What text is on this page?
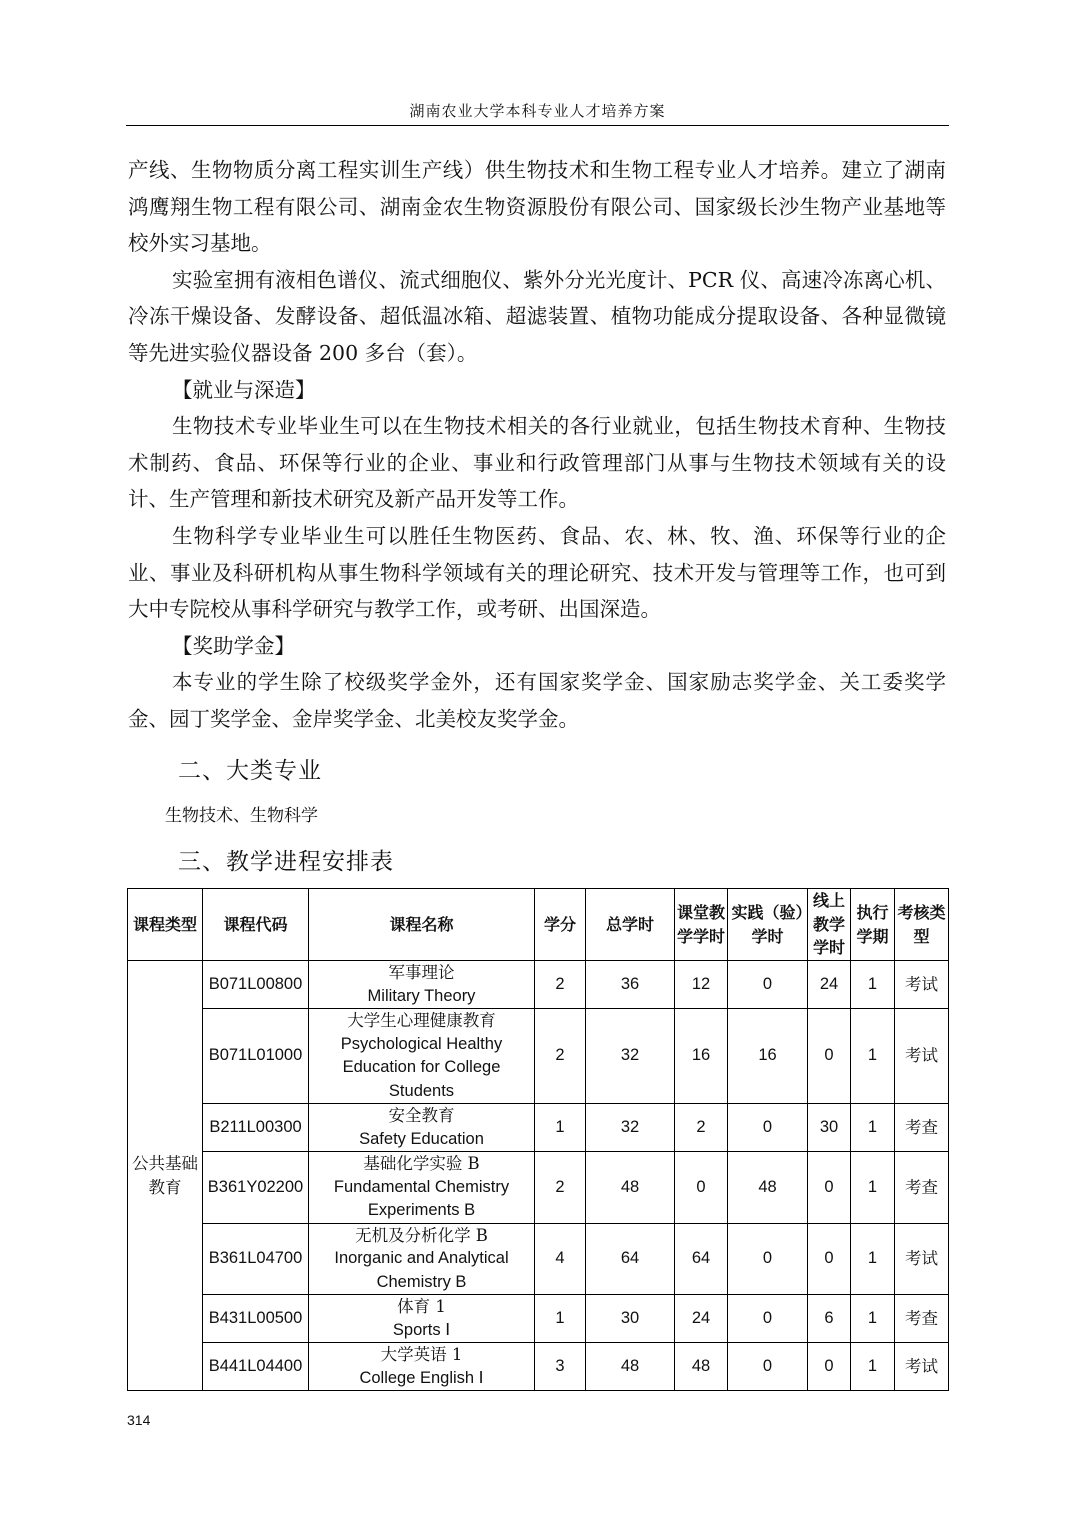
湖南农业大学本科专业人才培养方案

产线、生物物质分离工程实训生产线）供生物技术和生物工程专业人才培养。建立了湖南鸿鹰翔生物工程有限公司、湖南金农生物资源股份有限公司、国家级长沙生物产业基地等校外实习基地。

实验室拥有液相色谱仪、流式细胞仪、紫外分光光度计、PCR 仪、高速冷冻离心机、冷冻干燥设备、发酵设备、超低温冰箱、超滤装置、植物功能成分提取设备、各种显微镜等先进实验仪器设备 200 多台（套）。

【就业与深造】

生物技术专业毕业生可以在生物技术相关的各行业就业，包括生物技术育种、生物技术制药、食品、环保等行业的企业、事业和行政管理部门从事与生物技术领域有关的设计、生产管理和新技术研究及新产品开发等工作。

生物科学专业毕业生可以胜任生物医药、食品、农、林、牧、渔、环保等行业的企业、事业及科研机构从事生物科学领域有关的理论研究、技术开发与管理等工作，也可到大中专院校从事科学研究与教学工作，或考研、出国深造。

【奖助学金】

本专业的学生除了校级奖学金外，还有国家奖学金、国家励志奖学金、关工委奖学金、园丁奖学金、金岸奖学金、北美校友奖学金。

二、大类专业
生物技术、生物科学
三、教学进程安排表
课程类型	课程代码	课程名称	学分	总学时	课堂教学学时	实践（验）学时	线上教学学时	执行学期	考核类型
公共基础教育	B071L00800	军事理论
Military Theory	2	36	12	0	24	1	考试
	B071L01000	大学生心理健康教育
Psychological Healthy Education for College Students	2	32	16	16	0	1	考试
	B211L00300	安全教育
Safety Education	1	32	2	0	30	1	考查
	B361Y02200	基础化学实验 B
Fundamental Chemistry Experiments B	2	48	0	48	0	1	考查
	B361L04700	无机及分析化学 B
Inorganic and Analytical Chemistry B	4	64	64	0	0	1	考试
	B431L00500	体育 1
Sports Ⅰ	1	30	24	0	6	1	考查
	B441L04400	大学英语 1
College English Ⅰ	3	48	48	0	0	1	考试
314
